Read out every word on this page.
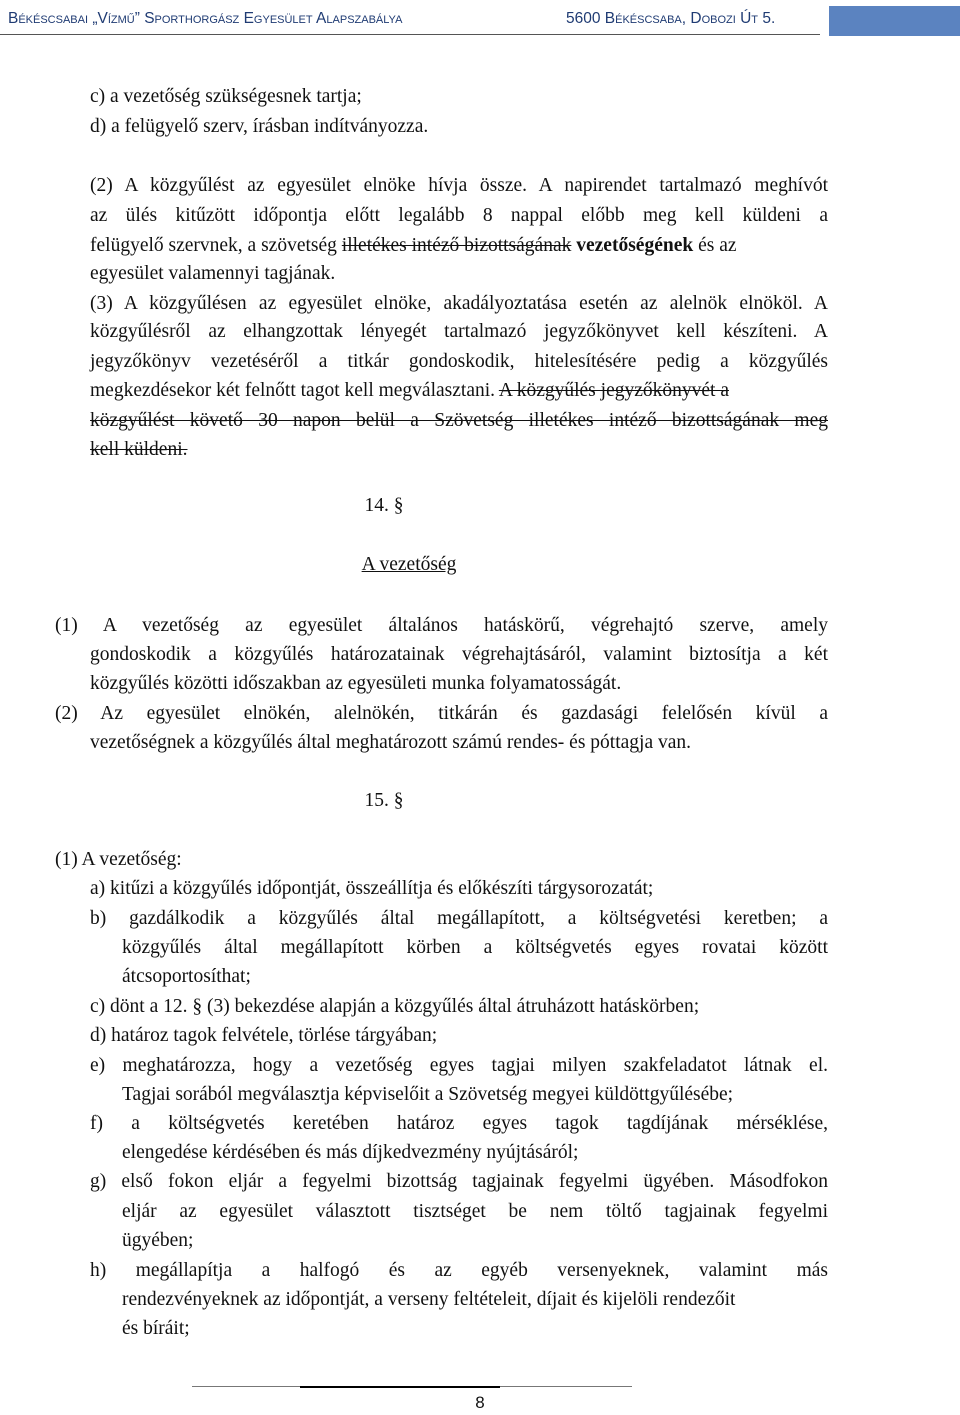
Békéscsabai „Vízmű” Sporthorgász Egyesület Alapszabálya	5600 Békéscsaba, Dobozi Út 5.
c) a vezetőség szükségesnek tartja;
d) a felügyelő szerv, írásban indítványozza.
(2) A közgyűlést az egyesület elnöke hívja össze. A napirendet tartalmazó meghívót
az ülés kitűzött időpontja előtt legalább 8 nappal előbb meg kell küldeni a
felügyelő szervnek, a szövetség illetékes intéző bizottságának vezetőségének és az
egyesület valamennyi tagjának.
(3) A közgyűlésen az egyesület elnöke, akadályoztatása esetén az alelnök elnököl. A
közgyűlésről az elhangzottak lényegét tartalmazó jegyzőkönyvet kell készíteni. A
jegyzőkönyv vezetéséről a titkár gondoskodik, hitelesítésére pedig a közgyűlés
megkezdésekor két felnőtt tagot kell megválasztani. A közgyűlés jegyzőkönyvét a
közgyűlést követő 30 napon belül a Szövetség illetékes intéző bizottságának meg
kell küldeni.
14. §
A vezetőség
(1) A vezetőség az egyesület általános hatáskörű, végrehajtó szerve, amely
gondoskodik a közgyűlés határozatainak végrehajtásáról, valamint biztosítja a két
közgyűlés közötti időszakban az egyesületi munka folyamatosságát.
(2) Az egyesület elnökén, alelnökén, titkárán és gazdasági felelősén kívül a
vezetőségnek a közgyűlés által meghatározott számú rendes- és póttagja van.
15. §
(1) A vezetőség:
a) kitűzi a közgyűlés időpontját, összeállítja és előkészíti tárgysorozatát;
b) gazdálkodik a közgyűlés által megállapított, a költségvetési keretben; a
közgyűlés által megállapított körben a költségvetés egyes rovatai között
átcsoportosíthat;
c) dönt a 12. § (3) bekezdése alapján a közgyűlés által átruházott hatáskörben;
d) határoz tagok felvétele, törlése tárgyában;
e) meghatározza, hogy a vezetőség egyes tagjai milyen szakfeladatot látnak el.
Tagjai sorából megválasztja képviselőit a Szövetség megyei küldöttgyűlésébe;
f) a költségvetés keretében határoz egyes tagok tagdíjának mérséklése,
elengedése kérdésében és más díjkedvezmény nyújtásáról;
g) első fokon eljár a fegyelmi bizottság tagjainak fegyelmi ügyében. Másodfokon
eljár az egyesület választott tisztséget be nem töltő tagjainak fegyelmi
ügyében;
h) megállapítja a halfogó és az egyéb versenyeknek, valamint más
rendezvényeknek az időpontját, a verseny feltételeit, díjait és kijelöli rendezőit
és bíráit;
8
